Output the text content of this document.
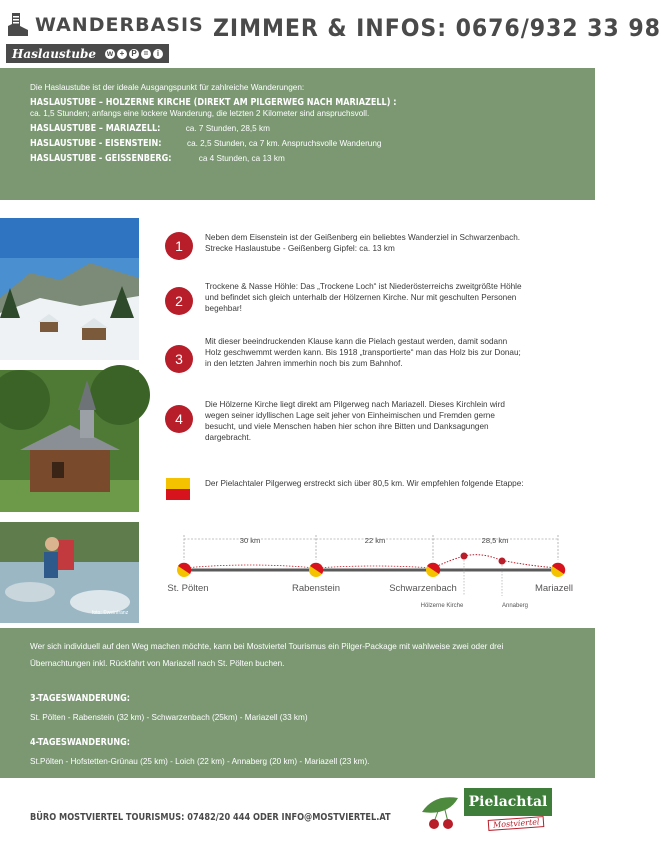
WANDERBASIS
Haslaustube w + P =	i
ZIMMER & INFOS: 0676/932 33 98

Die Haslaustube ist der ideale Ausgangspunkt für zahlreiche Wanderungen:

HASLAUSTUBE – HÖLZERNE KIRCHE (DIREKT AM PILGERWEG NACH MARIAZELL) :
ca. 1,5 Stunden; anfangs eine lockere Wanderung, die letzten 2 Kilometer sind anspruchsvoll.
HASLAUSTUBE – MARIAZELL:	ca. 7 Stunden, 28,5 km
HASLAUSTUBE - EISENSTEIN:	ca. 2,5 Stunden, ca 7 km. Anspruchsvolle Wanderung
HASLAUSTUBE - GEISSENBERG:	ca 4 Stunden, ca 13 km
foto: ©weinfranz
1
Neben dem Eisenstein ist der Geißenberg ein beliebtes Wanderziel in Schwarzenbach.
Strecke Haslaustube - Geißenberg Gipfel: ca. 13 km
2
Trockene & Nasse Höhle: Das „Trockene Loch“ ist Niederösterreichs zweitgrößte Höhle und befindet sich gleich unterhalb der Hölzernen Kirche. Nur mit geschulten Personen begehbar!
3
Mit dieser beeindruckenden Klause kann die Pielach gestaut werden, damit sodann Holz geschwemmt werden kann. Bis 1918 „transportierte“ man das Holz bis zur Donau; in den letzten Jahren immerhin noch bis zum Bahnhof.
4
Die Hölzerne Kirche liegt direkt am Pilgerweg nach Mariazell. Dieses Kirchlein wird wegen seiner idyllischen Lage seit jeher von Einheimischen und Fremden gerne besucht, und viele Menschen haben hier schon ihre Bitten und Danksagungen dargebracht.
Der Pielachtaler Pilgerweg erstreckt sich über 80,5 km. Wir empfehlen folgende Etappe:
30 km	22 km	28,5 km
St. Pölten	Rabenstein	Schwarzenbach	Mariazell
Hölzerne Kirche	Annaberg

Wer sich individuell auf den Weg machen möchte, kann bei Mostviertel Tourismus ein Pilger-Package mit wahlweise zwei oder drei Übernachtungen inkl. Rückfahrt von Mariazell nach St. Pölten buchen.

3-TAGESWANDERUNG:
St. Pölten - Rabenstein (32 km) - Schwarzenbach (25km) - Mariazell (33 km)
4-TAGESWANDERUNG:
St.Pölten - Hofstetten-Grünau (25 km) - Loich (22 km) - Annaberg (20 km) - Mariazell (23 km).
BÜRO MOSTVIERTEL TOURISMUS: 07482/20 444 ODER INFO@MOSTVIERTEL.AT
Pielachtal
Mostviertel
